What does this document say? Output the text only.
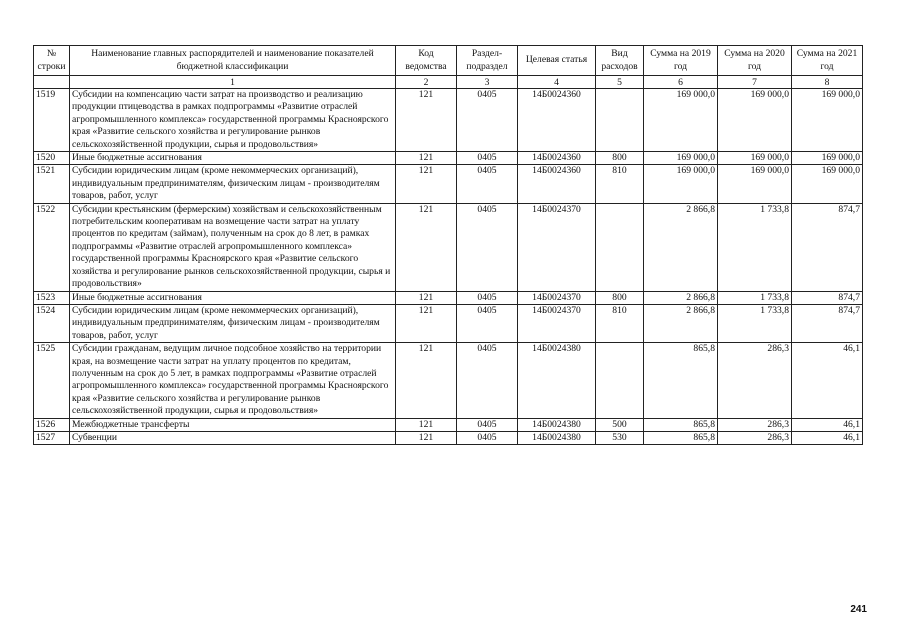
№ строки	Наименование главных распорядителей и наименование показателей бюджетной классификации	Код ведомства	Раздел-подраздел	Целевая статья	Вид расходов	Сумма на 2019 год	Сумма на 2020 год	Сумма на 2021 год
	1	2	3	4	5	6	7	8
1519	Субсидии на компенсацию части затрат на производство и реализацию продукции птицеводства в рамках подпрограммы «Развитие отраслей агропромышленного комплекса» государственной программы Красноярского края «Развитие сельского хозяйства и регулирование рынков сельскохозяйственной продукции, сырья и продовольствия»	121	0405	14Б0024360		169 000,0	169 000,0	169 000,0
1520	Иные бюджетные ассигнования	121	0405	14Б0024360	800	169 000,0	169 000,0	169 000,0
1521	Субсидии юридическим лицам (кроме некоммерческих организаций), индивидуальным предпринимателям, физическим лицам - производителям товаров, работ, услуг	121	0405	14Б0024360	810	169 000,0	169 000,0	169 000,0
1522	Субсидии крестьянским (фермерским) хозяйствам и сельскохозяйственным потребительским кооперативам на возмещение части затрат на уплату процентов по кредитам (займам), полученным на срок до 8 лет, в рамках подпрограммы «Развитие отраслей агропромышленного комплекса» государственной программы Красноярского края «Развитие сельского хозяйства и регулирование рынков сельскохозяйственной продукции, сырья и продовольствия»	121	0405	14Б0024370		2 866,8	1 733,8	874,7
1523	Иные бюджетные ассигнования	121	0405	14Б0024370	800	2 866,8	1 733,8	874,7
1524	Субсидии юридическим лицам (кроме некоммерческих организаций), индивидуальным предпринимателям, физическим лицам - производителям товаров, работ, услуг	121	0405	14Б0024370	810	2 866,8	1 733,8	874,7
1525	Субсидии гражданам, ведущим личное подсобное хозяйство на территории края, на возмещение части затрат на уплату процентов по кредитам, полученным на срок до 5 лет, в рамках подпрограммы «Развитие отраслей агропромышленного комплекса» государственной программы Красноярского края «Развитие сельского хозяйства и регулирование рынков сельскохозяйственной продукции, сырья и продовольствия»	121	0405	14Б0024380		865,8	286,3	46,1
1526	Межбюджетные трансферты	121	0405	14Б0024380	500	865,8	286,3	46,1
1527	Субвенции	121	0405	14Б0024380	530	865,8	286,3	46,1
241
